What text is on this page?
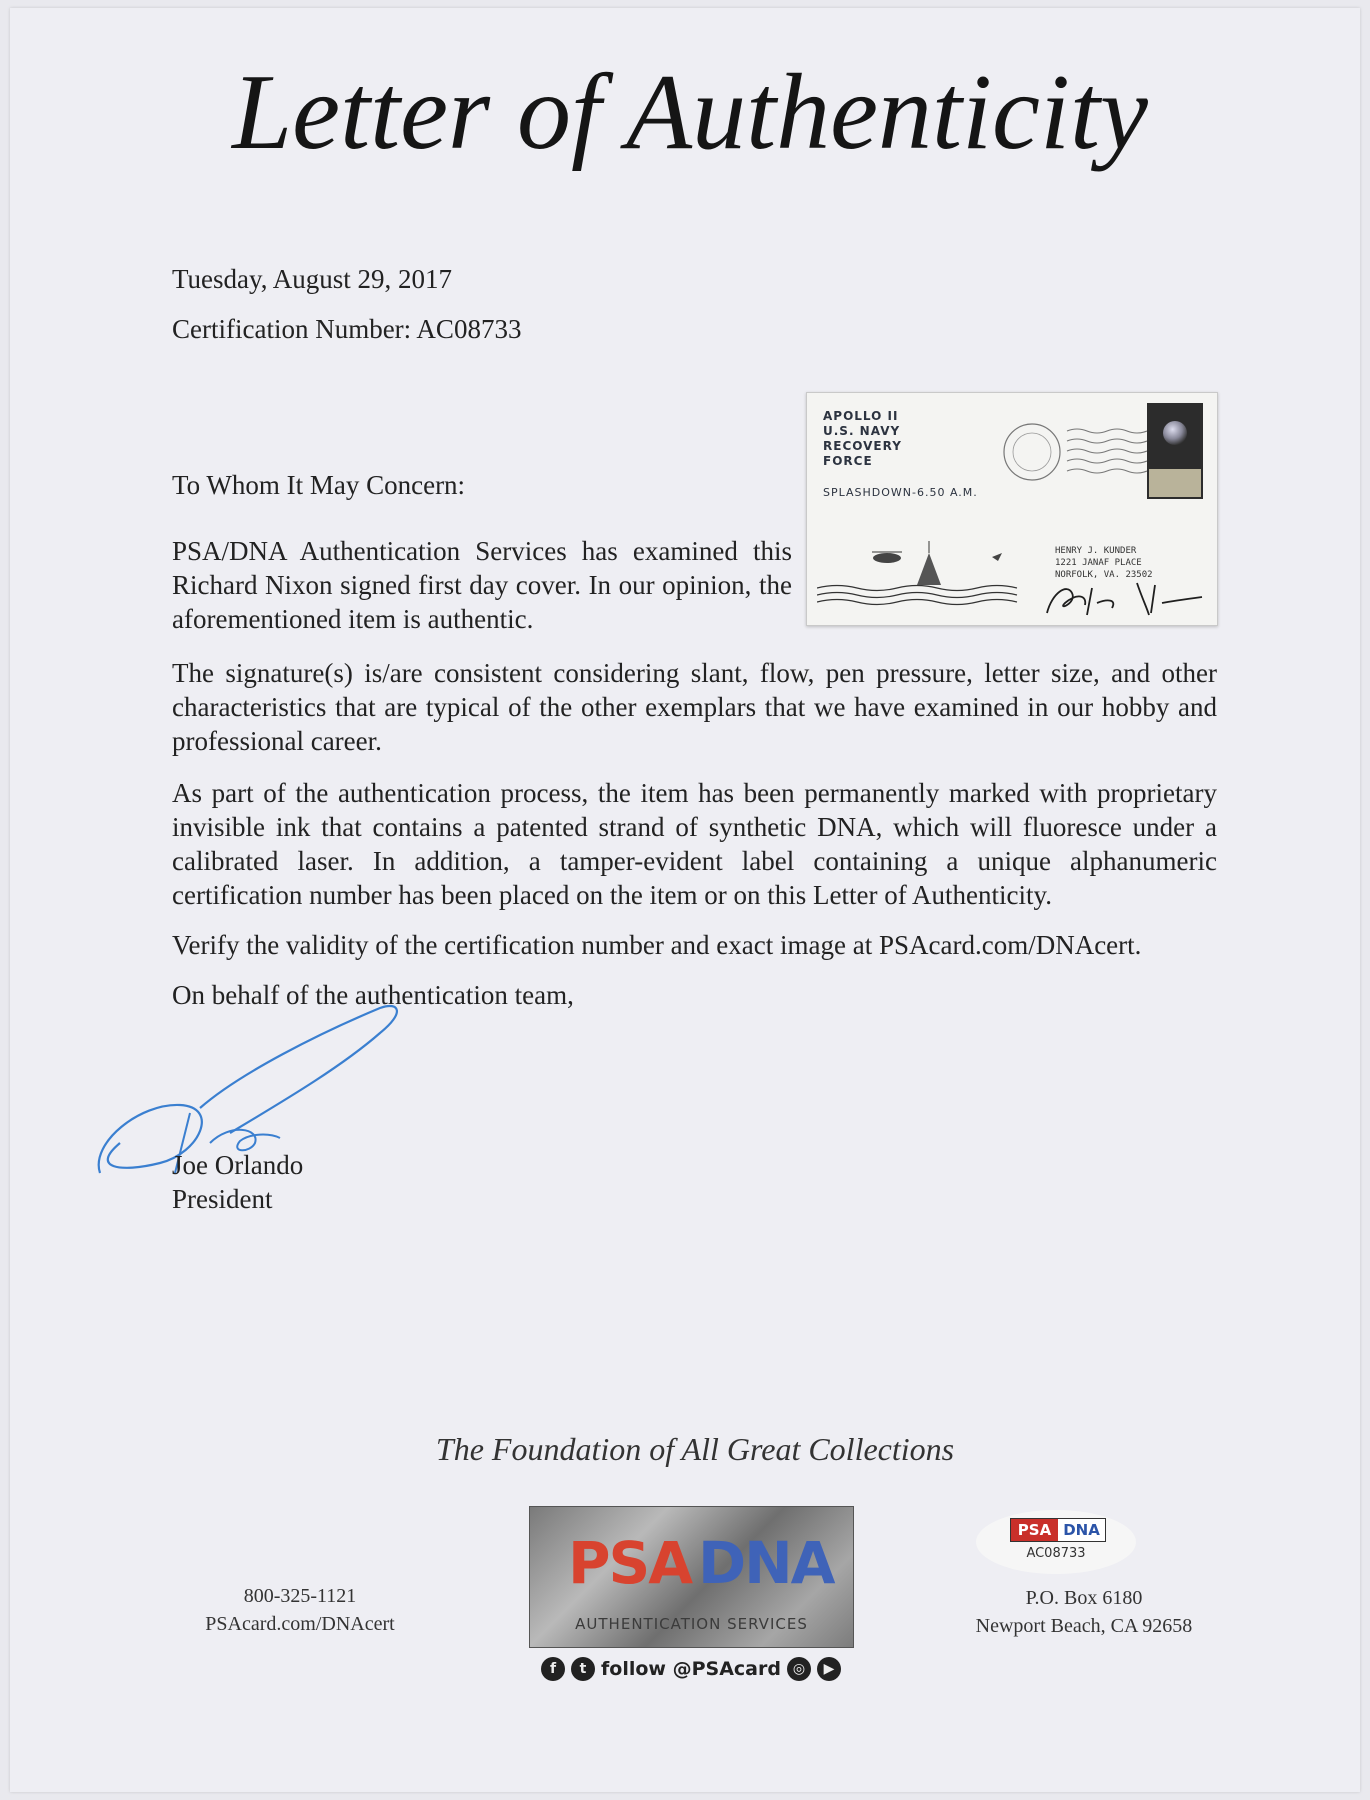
Letter of Authenticity

Tuesday, August 29, 2017

Certification Number: AC08733

To Whom It May Concern:

PSA/DNA Authentication Services has examined this Richard Nixon signed first day cover. In our opinion, the aforementioned item is authentic.

The signature(s) is/are consistent considering slant, flow, pen pressure, letter size, and other characteristics that are typical of the other exemplars that we have examined in our hobby and professional career.

As part of the authentication process, the item has been permanently marked with proprietary invisible ink that contains a patented strand of synthetic DNA, which will fluoresce under a calibrated laser. In addition, a tamper-evident label containing a unique alphanumeric certification number has been placed on the item or on this Letter of Authenticity.

Verify the validity of the certification number and exact image at PSAcard.com/DNAcert.

On behalf of the authentication team,

Joe Orlando

President

APOLLO II
U.S. NAVY
RECOVERY
FORCE
SPLASHDOWN-6.50 A.M.
HENRY J. KUNDER
1221 JANAF PLACE
NORFOLK, VA. 23502
The Foundation of All Great Collections
800-325-1121
PSAcard.com/DNAcert
PSA DNA
AUTHENTICATION SERVICES
f	t follow @PSAcard ◎	▶
PSA DNA
AC08733
P.O. Box 6180
Newport Beach, CA 92658
